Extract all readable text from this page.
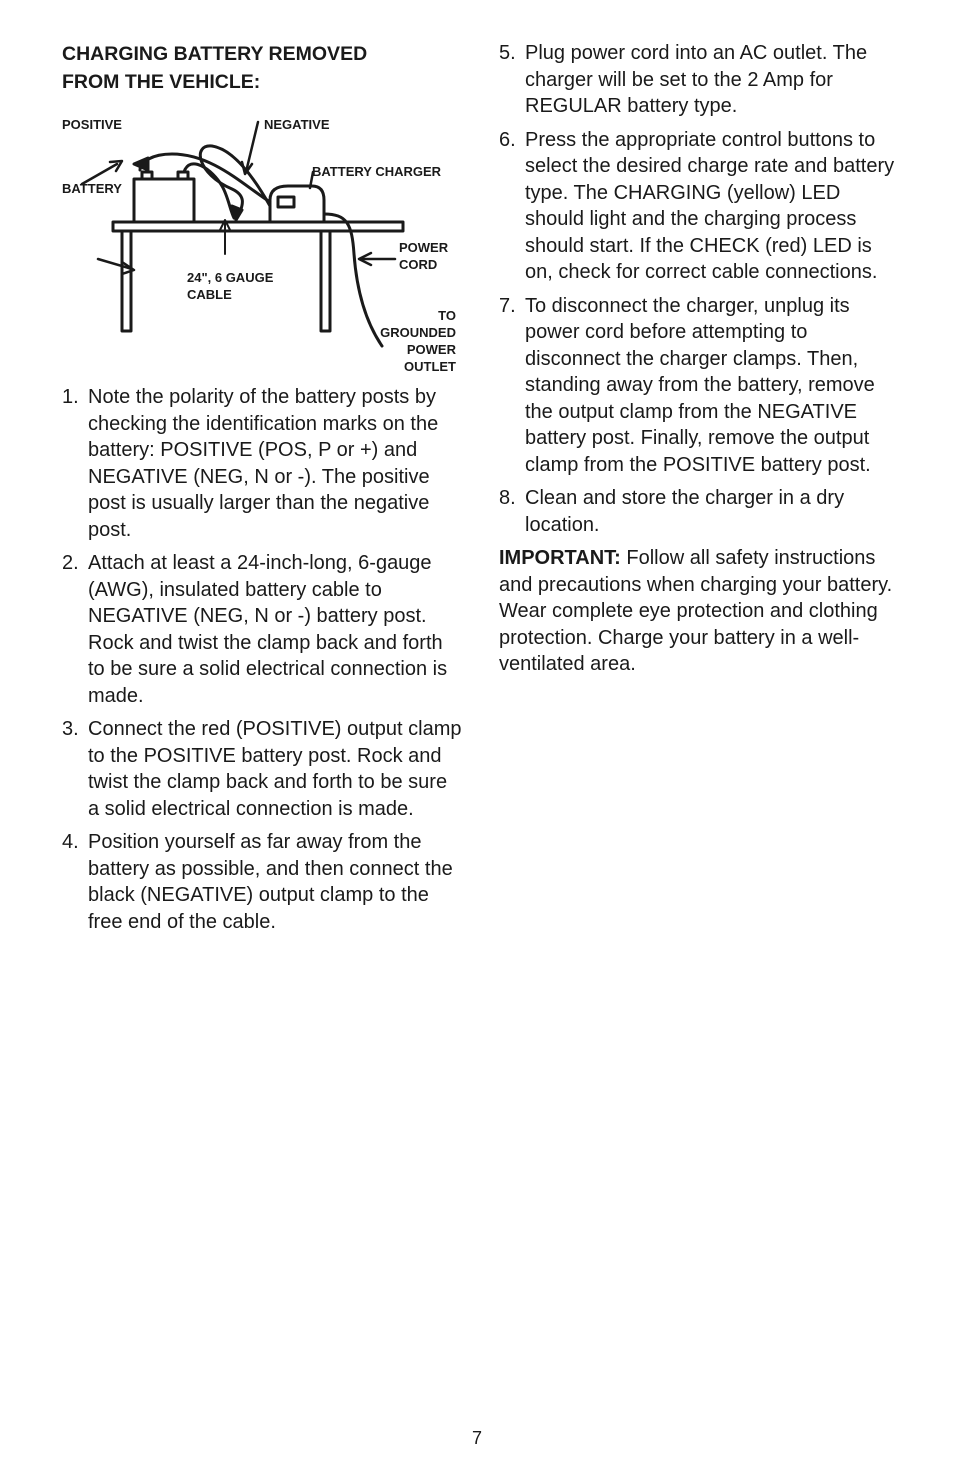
CHARGING BATTERY REMOVED
FROM THE VEHICLE:
POSITIVE	NEGATIVE
BATTERY
BATTERY CHARGER
POWER
CORD
24", 6 GAUGE
CABLE
TO
GROUNDED
POWER
OUTLET
1. Note the polarity of the battery posts by checking the identification marks on the battery: POSITIVE (POS, P or +) and NEGATIVE (NEG, N or -). The positive post is usually larger than the negative post.
2. Attach at least a 24-inch-long, 6-gauge (AWG), insulated battery cable to NEGATIVE (NEG, N or -) battery post. Rock and twist the clamp back and forth to be sure a solid electrical connection is made.
3. Connect the red (POSITIVE) output clamp to the POSITIVE battery post. Rock and twist the clamp back and forth to be sure a solid electrical connection is made.
4. Position yourself as far away from the battery as possible, and then connect the black (NEGATIVE) output clamp to the free end of the cable.
5. Plug power cord into an AC outlet. The charger will be set to the 2 Amp for REGULAR battery type.
6. Press the appropriate control buttons to select the desired charge rate and battery type. The CHARGING (yellow) LED should light and the charging process should start. If the CHECK (red) LED is on, check for correct cable connections.
7. To disconnect the charger, unplug its power cord before attempting to disconnect the charger clamps. Then, standing away from the battery, remove the output clamp from the NEGATIVE battery post. Finally, remove the output clamp from the POSITIVE battery post.
8. Clean and store the charger in a dry location.

IMPORTANT: Follow all safety instructions and precautions when charging your battery. Wear complete eye protection and clothing protection. Charge your battery in a well-ventilated area.

7
